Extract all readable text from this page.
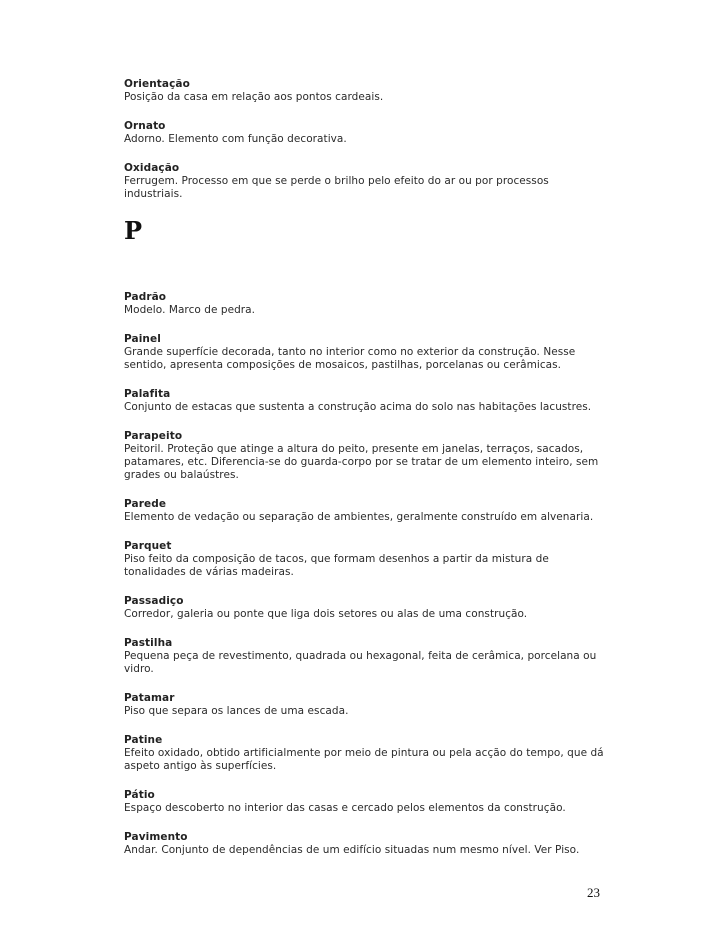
Orientação
Posição da casa em relação aos pontos cardeais.
Ornato
Adorno. Elemento com função decorativa.
Oxidação
Ferrugem. Processo em que se perde o brilho pelo efeito do ar ou por processos industriais.
P
Padrão
Modelo. Marco de pedra.
Painel
Grande superfície decorada, tanto no interior como no exterior da construção. Nesse sentido, apresenta composições de mosaicos, pastilhas, porcelanas ou cerâmicas.
Palafita
Conjunto de estacas que sustenta a construção acima do solo nas habitações lacustres.
Parapeito
Peitoril. Proteção que atinge a altura do peito, presente em janelas, terraços, sacados, patamares, etc. Diferencia-se do guarda-corpo por se tratar de um elemento inteiro, sem grades ou balaústres.
Parede
Elemento de vedação ou separação de ambientes, geralmente construído em alvenaria.
Parquet
Piso feito da composição de tacos, que formam desenhos a partir da mistura de tonalidades de várias madeiras.
Passadiço
Corredor, galeria ou ponte que liga dois setores ou alas de uma construção.
Pastilha
Pequena peça de revestimento, quadrada ou hexagonal, feita de cerâmica, porcelana ou vidro.
Patamar
Piso que separa os lances de uma escada.
Patine
Efeito oxidado, obtido artificialmente por meio de pintura ou pela acção do tempo, que dá aspeto antigo às superfícies.
Pátio
Espaço descoberto no interior das casas e cercado pelos elementos da construção.
Pavimento
Andar. Conjunto de dependências de um edifício situadas num mesmo nível. Ver Piso.
23
